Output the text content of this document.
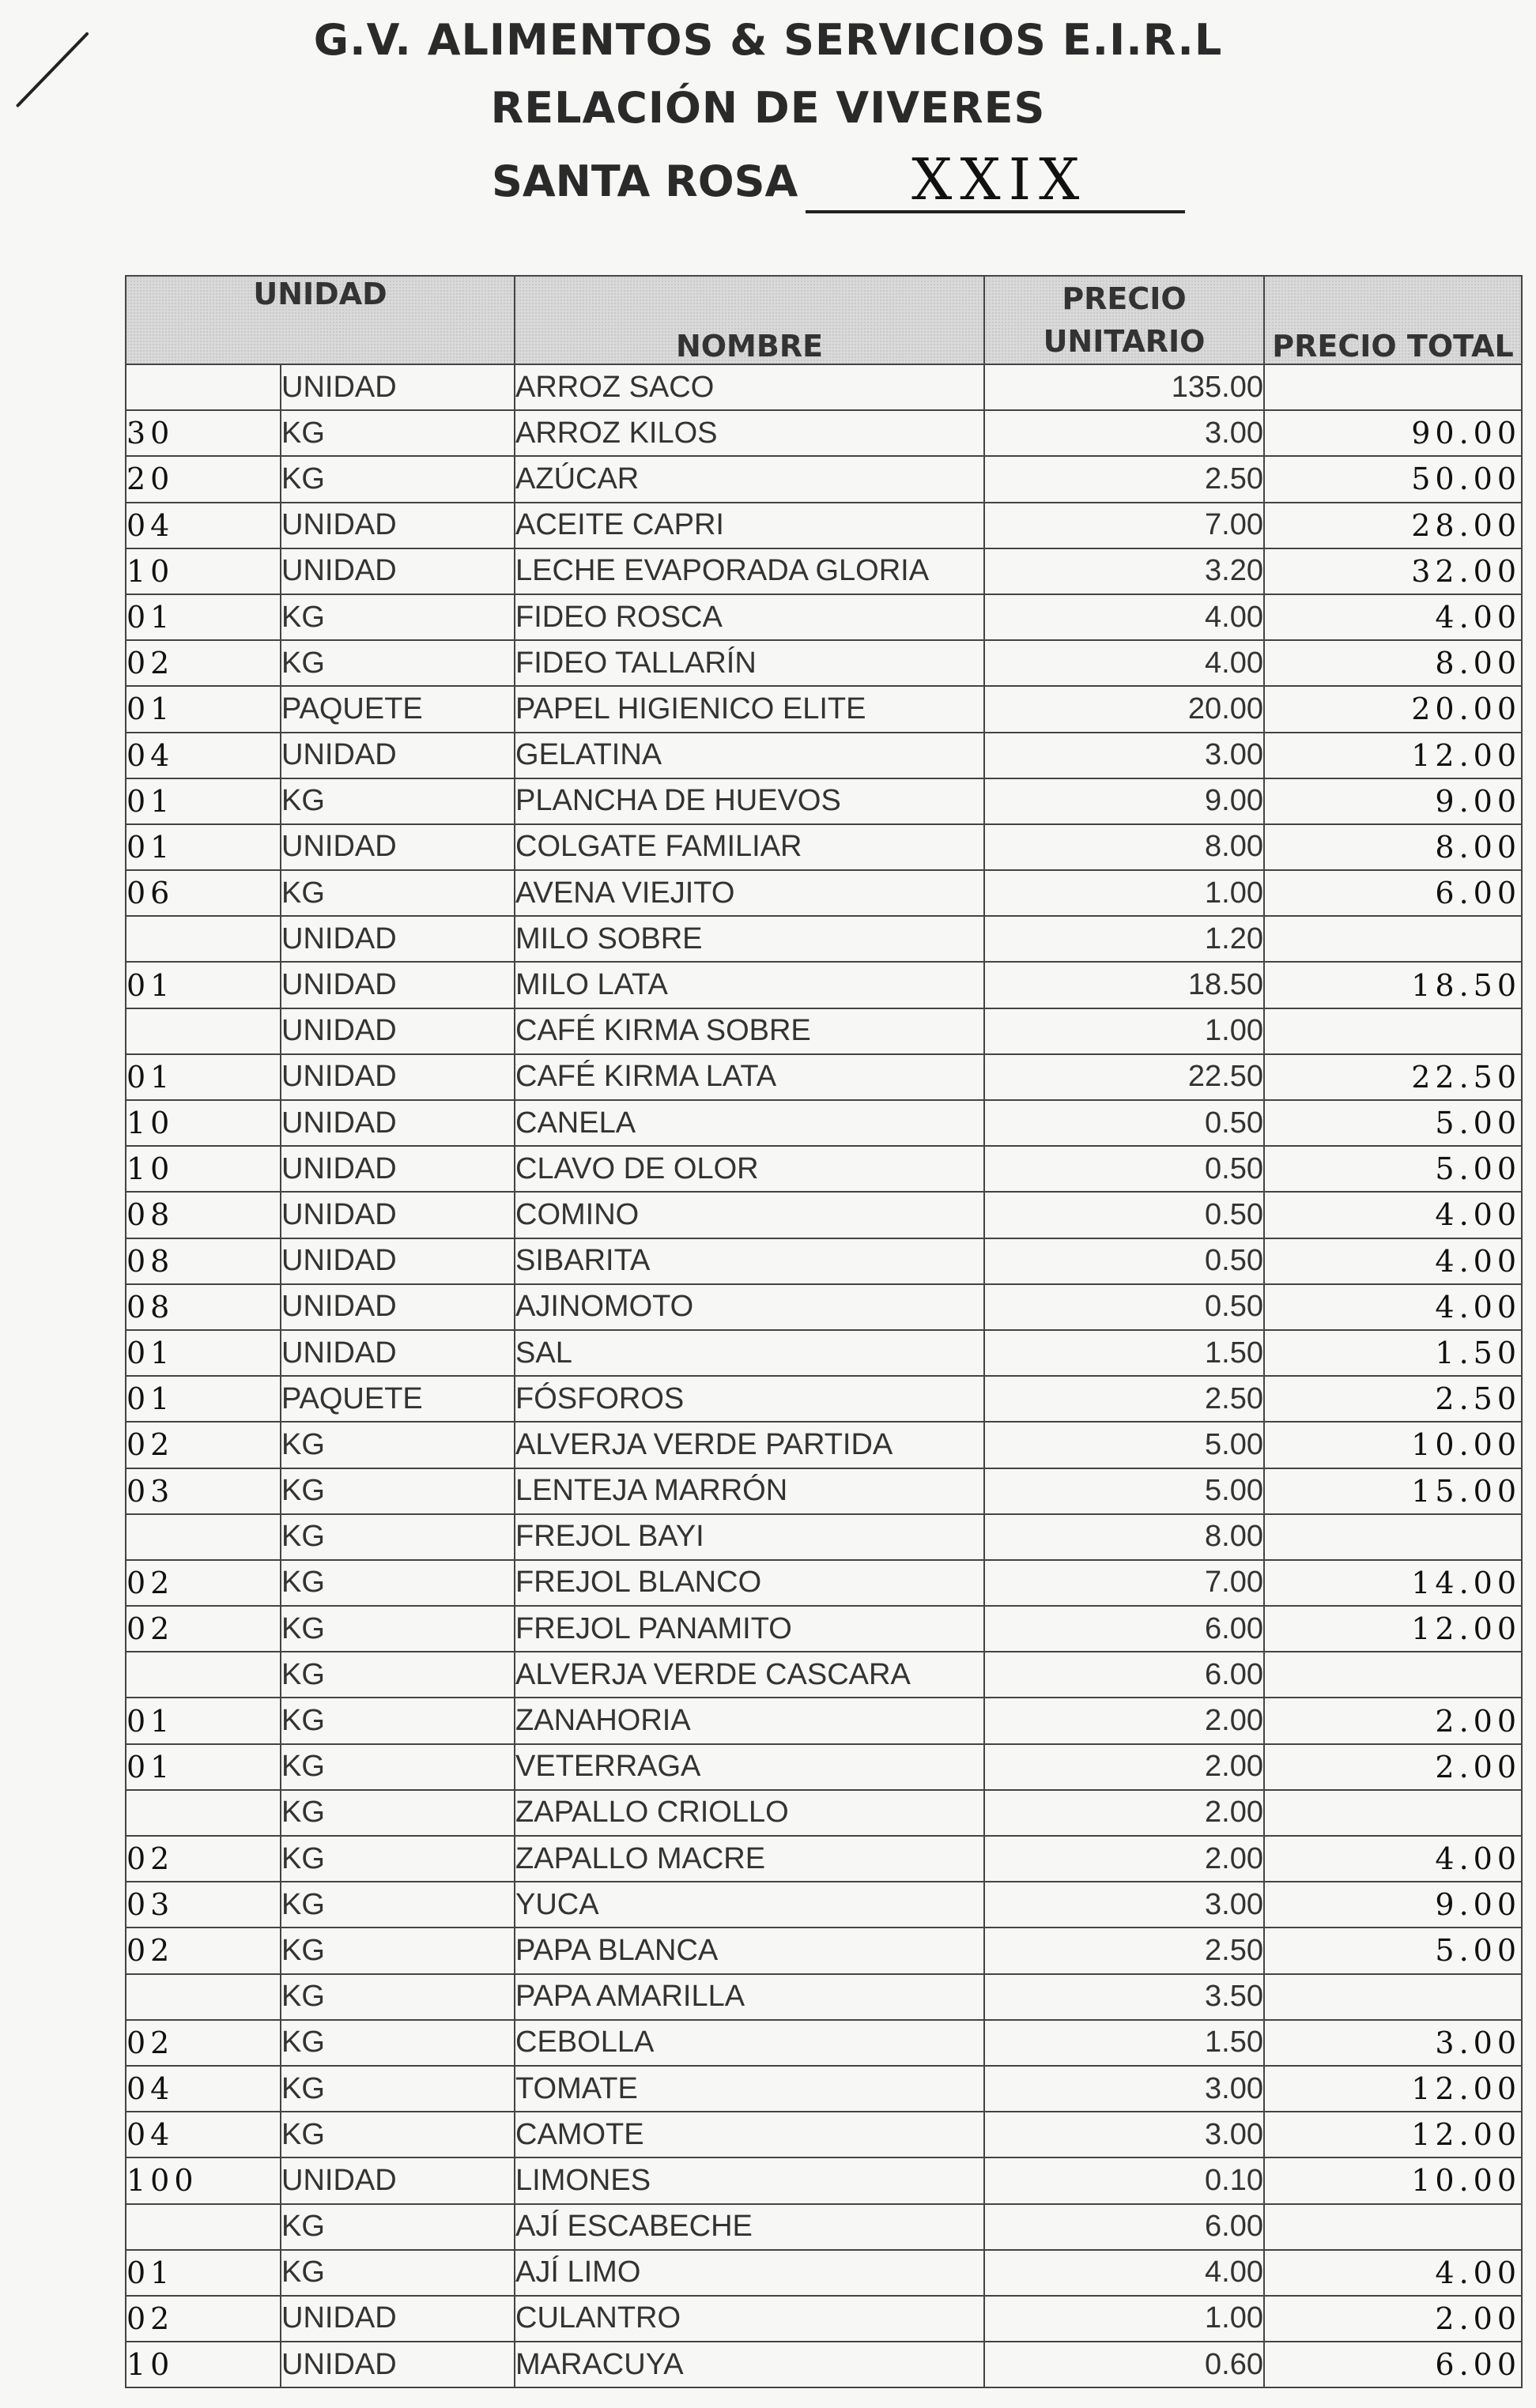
G.V. ALIMENTOS & SERVICIOS E.I.R.L
RELACIÓN DE VIVERES
SANTA ROSA	XXIX
UNIDAD		NOMBRE	PRECIO
UNITARIO	PRECIO TOTAL
	UNIDAD	ARROZ SACO	135.00	
30	KG	ARROZ KILOS	3.00	90.00
20	KG	AZÚCAR	2.50	50.00
04	UNIDAD	ACEITE CAPRI	7.00	28.00
10	UNIDAD	LECHE EVAPORADA GLORIA	3.20	32.00
01	KG	FIDEO ROSCA	4.00	4.00
02	KG	FIDEO TALLARÍN	4.00	8.00
01	PAQUETE	PAPEL HIGIENICO ELITE	20.00	20.00
04	UNIDAD	GELATINA	3.00	12.00
01	KG	PLANCHA DE HUEVOS	9.00	9.00
01	UNIDAD	COLGATE FAMILIAR	8.00	8.00
06	KG	AVENA VIEJITO	1.00	6.00
	UNIDAD	MILO SOBRE	1.20	
01	UNIDAD	MILO LATA	18.50	18.50
	UNIDAD	CAFÉ KIRMA SOBRE	1.00	
01	UNIDAD	CAFÉ KIRMA LATA	22.50	22.50
10	UNIDAD	CANELA	0.50	5.00
10	UNIDAD	CLAVO DE OLOR	0.50	5.00
08	UNIDAD	COMINO	0.50	4.00
08	UNIDAD	SIBARITA	0.50	4.00
08	UNIDAD	AJINOMOTO	0.50	4.00
01	UNIDAD	SAL	1.50	1.50
01	PAQUETE	FÓSFOROS	2.50	2.50
02	KG	ALVERJA VERDE PARTIDA	5.00	10.00
03	KG	LENTEJA MARRÓN	5.00	15.00
	KG	FREJOL BAYI	8.00	
02	KG	FREJOL BLANCO	7.00	14.00
02	KG	FREJOL PANAMITO	6.00	12.00
	KG	ALVERJA VERDE CASCARA	6.00	
01	KG	ZANAHORIA	2.00	2.00
01	KG	VETERRAGA	2.00	2.00
	KG	ZAPALLO CRIOLLO	2.00	
02	KG	ZAPALLO MACRE	2.00	4.00
03	KG	YUCA	3.00	9.00
02	KG	PAPA BLANCA	2.50	5.00
	KG	PAPA AMARILLA	3.50	
02	KG	CEBOLLA	1.50	3.00
04	KG	TOMATE	3.00	12.00
04	KG	CAMOTE	3.00	12.00
100	UNIDAD	LIMONES	0.10	10.00
	KG	AJÍ ESCABECHE	6.00	
01	KG	AJÍ LIMO	4.00	4.00
02	UNIDAD	CULANTRO	1.00	2.00
10	UNIDAD	MARACUYA	0.60	6.00
